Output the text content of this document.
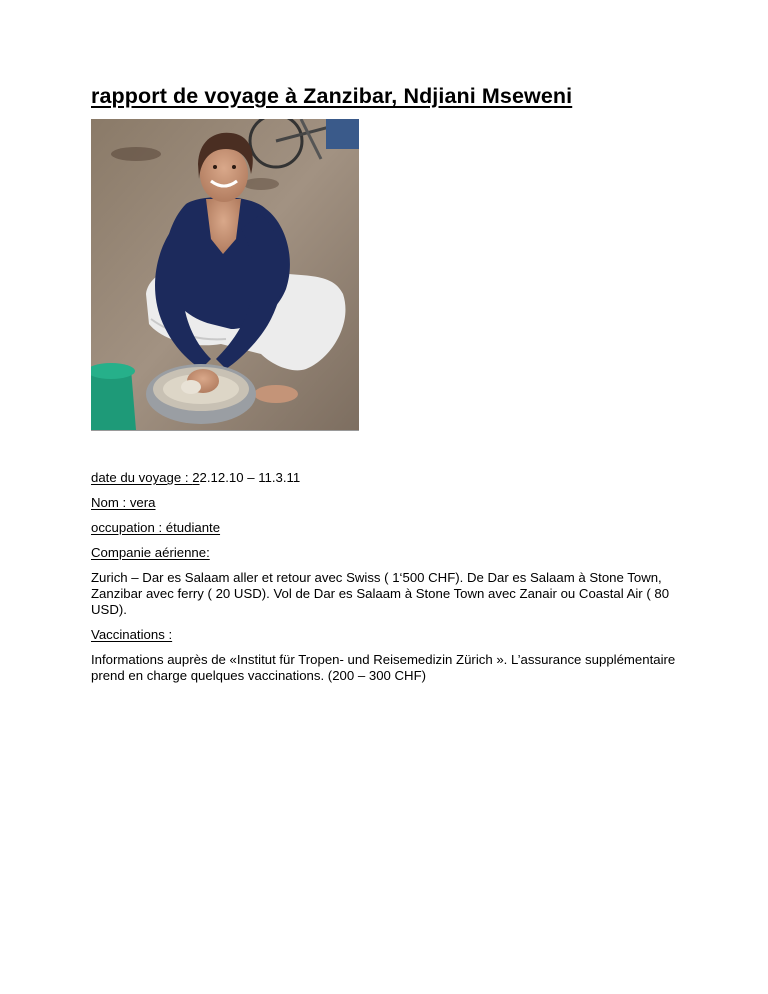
rapport de voyage à Zanzibar, Ndjiani Mseweni

date du voyage : 22.12.10 – 11.3.11

Nom : vera

occupation : étudiante

Companie aérienne:

Zurich – Dar es Salaam aller et retour avec Swiss ( 1‘500 CHF). De Dar es Salaam à Stone Town, Zanzibar avec ferry ( 20 USD). Vol de Dar es Salaam à Stone Town avec Zanair ou Coastal Air ( 80 USD).

Vaccinations :

Informations auprès de «Institut für Tropen- und Reisemedizin Zürich ». L’assurance supplémentaire prend en charge quelques vaccinations. (200 – 300 CHF)
